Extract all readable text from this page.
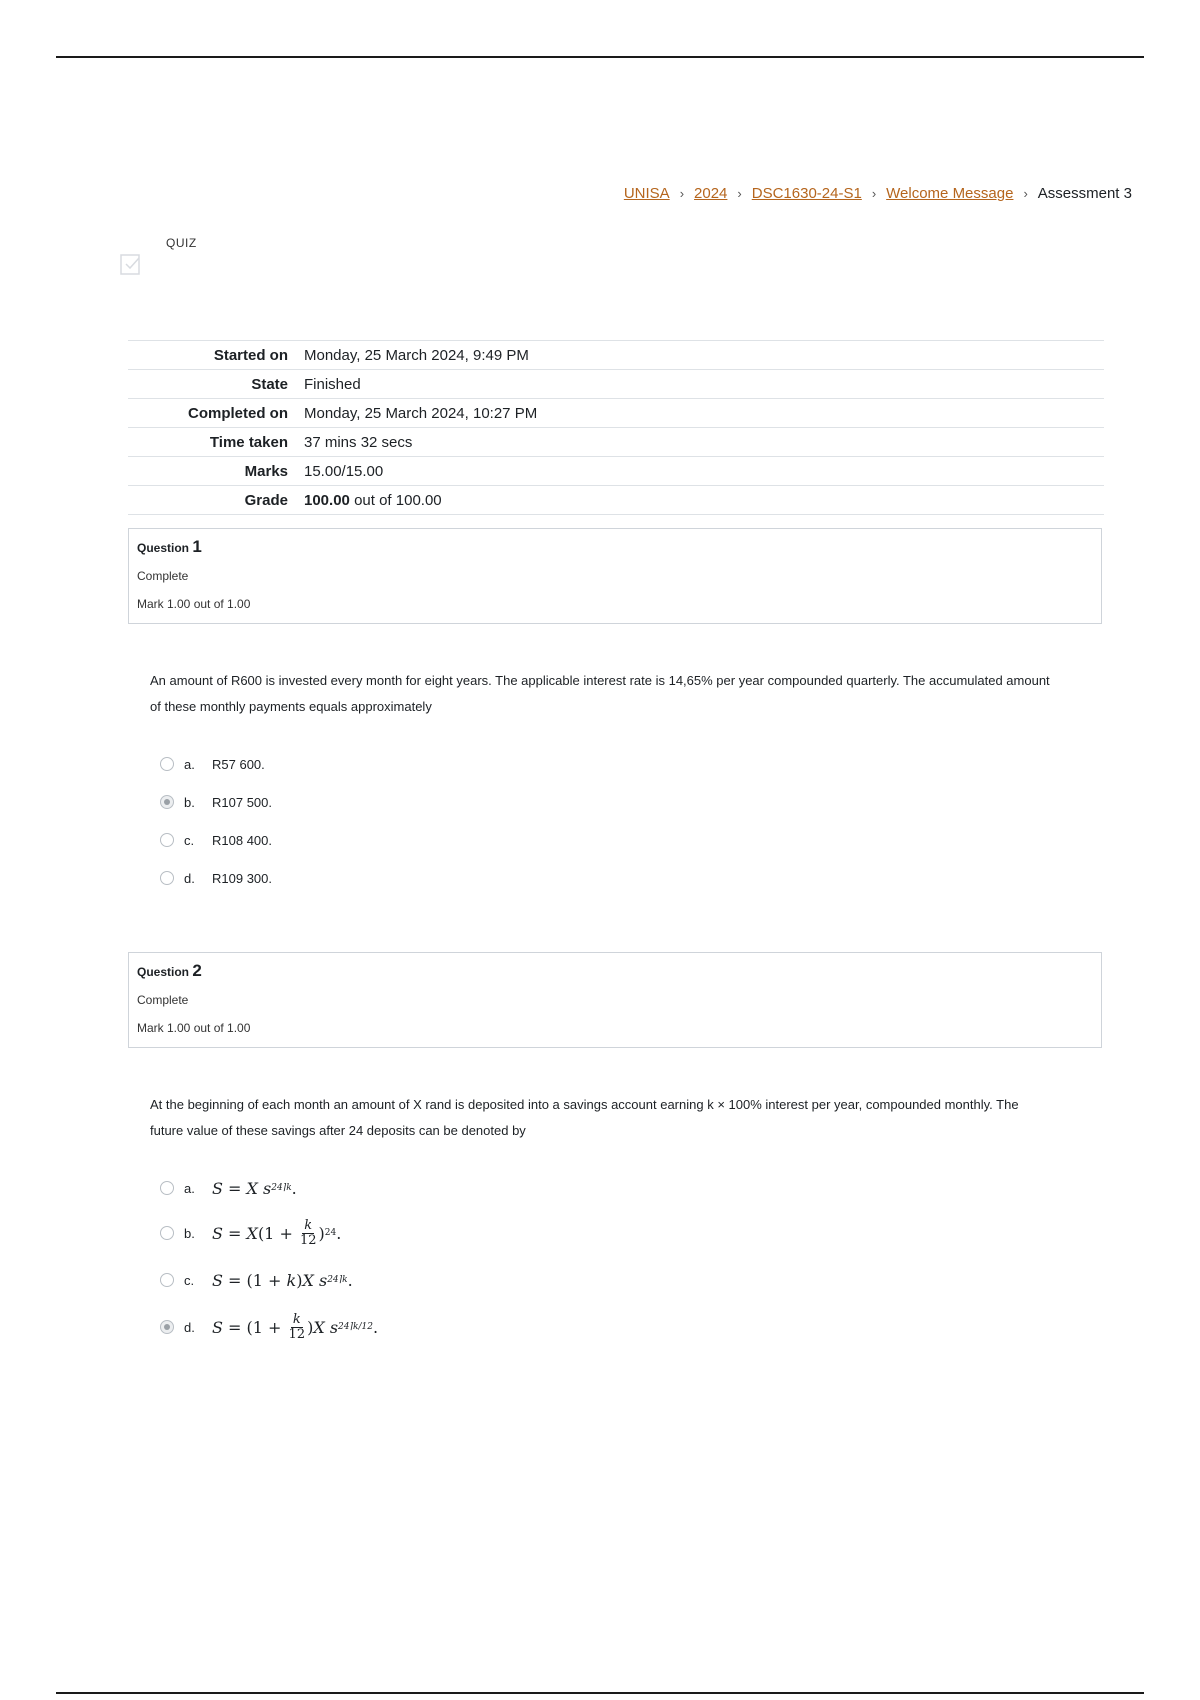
UNISA › 2024 › DSC1630-24-S1 › Welcome Message › Assessment 3
QUIZ
Started on	Monday, 25 March 2024, 9:49 PM
State	Finished
Completed on	Monday, 25 March 2024, 10:27 PM
Time taken	37 mins 32 secs
Marks	15.00/15.00
Grade	100.00 out of 100.00
Question 1
Complete
Mark 1.00 out of 1.00
An amount of R600 is invested every month for eight years. The applicable interest rate is 14,65% per year compounded quarterly. The accumulated amount of these monthly payments equals approximately
a.	R57 600.
b.	R107 500.
c.	R108 400.
d.	R109 300.
Question 2
Complete
Mark 1.00 out of 1.00
At the beginning of each month an amount of X rand is deposited into a savings account earning k × 100% interest per year, compounded monthly. The future value of these savings after 24 deposits can be denoted by
a.	S = X s 24⌉k .
b.	S = X ($1 + \frac{k}{12}$ ) 24 .
c.	S = (1 + k ) X s 24⌉k .
d.	$S = (1 + \frac{k}{12}$ ) X s 24⌉k/12 .
